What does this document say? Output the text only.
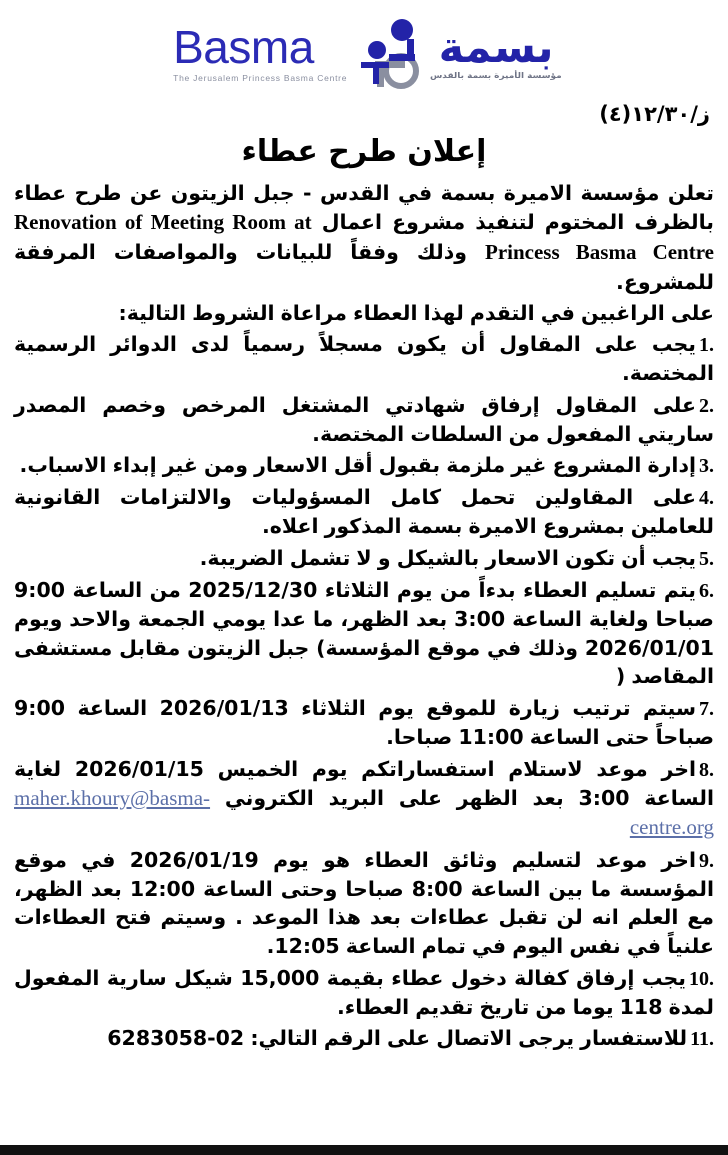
بسمة
مؤسسة الأميرة بسمة بالقدس
Basma
The Jerusalem Princess Basma Centre
ز/١٢/٣٠(٤)
إعلان طرح عطاء

تعلن مؤسسة الاميرة بسمة في القدس - جبل الزيتون عن طرح عطاء بالظرف المختوم لتنفيذ مشروع اعمال Renovation of Meeting Room at Princess Basma Centre وذلك وفقاً للبيانات والمواصفات المرفقة للمشروع.

على الراغبين في التقدم لهذا العطاء مراعاة الشروط التالية:

يجب على المقاول أن يكون مسجلاً رسمياً لدى الدوائر الرسمية المختصة.
على المقاول إرفاق شهادتي المشتغل المرخص وخصم المصدر ساريتي المفعول من السلطات المختصة.
إدارة المشروع غير ملزمة بقبول أقل الاسعار ومن غير إبداء الاسباب.
على المقاولين تحمل كامل المسؤوليات والالتزامات القانونية للعاملين بمشروع الاميرة بسمة المذكور اعلاه.
يجب أن تكون الاسعار بالشيكل و لا تشمل الضريبة.
يتم تسليم العطاء بدءاً من يوم الثلاثاء 2025/12/30 من الساعة 9:00 صباحا ولغاية الساعة 3:00 بعد الظهر، ما عدا يومي الجمعة والاحد ويوم 2026/01/01 وذلك في موقع المؤسسة) جبل الزيتون مقابل مستشفى المقاصد (
سيتم ترتيب زيارة للموقع يوم الثلاثاء 2026/01/13 الساعة 9:00 صباحاً حتى الساعة 11:00 صباحا.
اخر موعد لاستلام استفساراتكم يوم الخميس 2026/01/15 لغاية الساعة 3:00 بعد الظهر على البريد الكتروني maher.khoury@basma-centre.org
اخر موعد لتسليم وثائق العطاء هو يوم 2026/01/19 في موقع المؤسسة ما بين الساعة 8:00 صباحا وحتى الساعة 12:00 بعد الظهر، مع العلم انه لن تقبل عطاءات بعد هذا الموعد . وسيتم فتح العطاءات علنياً في نفس اليوم في تمام الساعة 12:05.
يجب إرفاق كفالة دخول عطاء بقيمة 15,000 شيكل سارية المفعول لمدة 118 يوما من تاريخ تقديم العطاء.
للاستفسار يرجى الاتصال على الرقم التالي: 02-6283058
